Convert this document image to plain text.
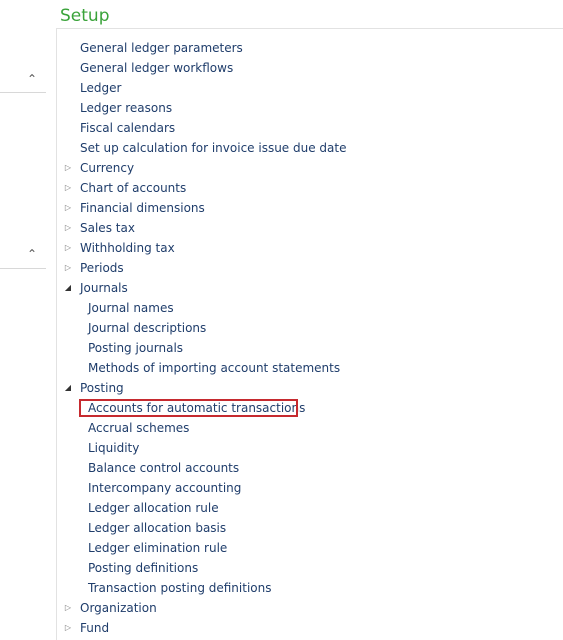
⌃
⌃
Setup
General ledger parameters
General ledger workflows
Ledger
Ledger reasons
Fiscal calendars
Set up calculation for invoice issue due date
▷ Currency
▷ Chart of accounts
▷ Financial dimensions
▷ Sales tax
▷ Withholding tax
▷ Periods
◢ Journals
Journal names
Journal descriptions
Posting journals
Methods of importing account statements
◢ Posting
Accounts for automatic transactions
Accrual schemes
Liquidity
Balance control accounts
Intercompany accounting
Ledger allocation rule
Ledger allocation basis
Ledger elimination rule
Posting definitions
Transaction posting definitions
▷ Organization
▷ Fund
